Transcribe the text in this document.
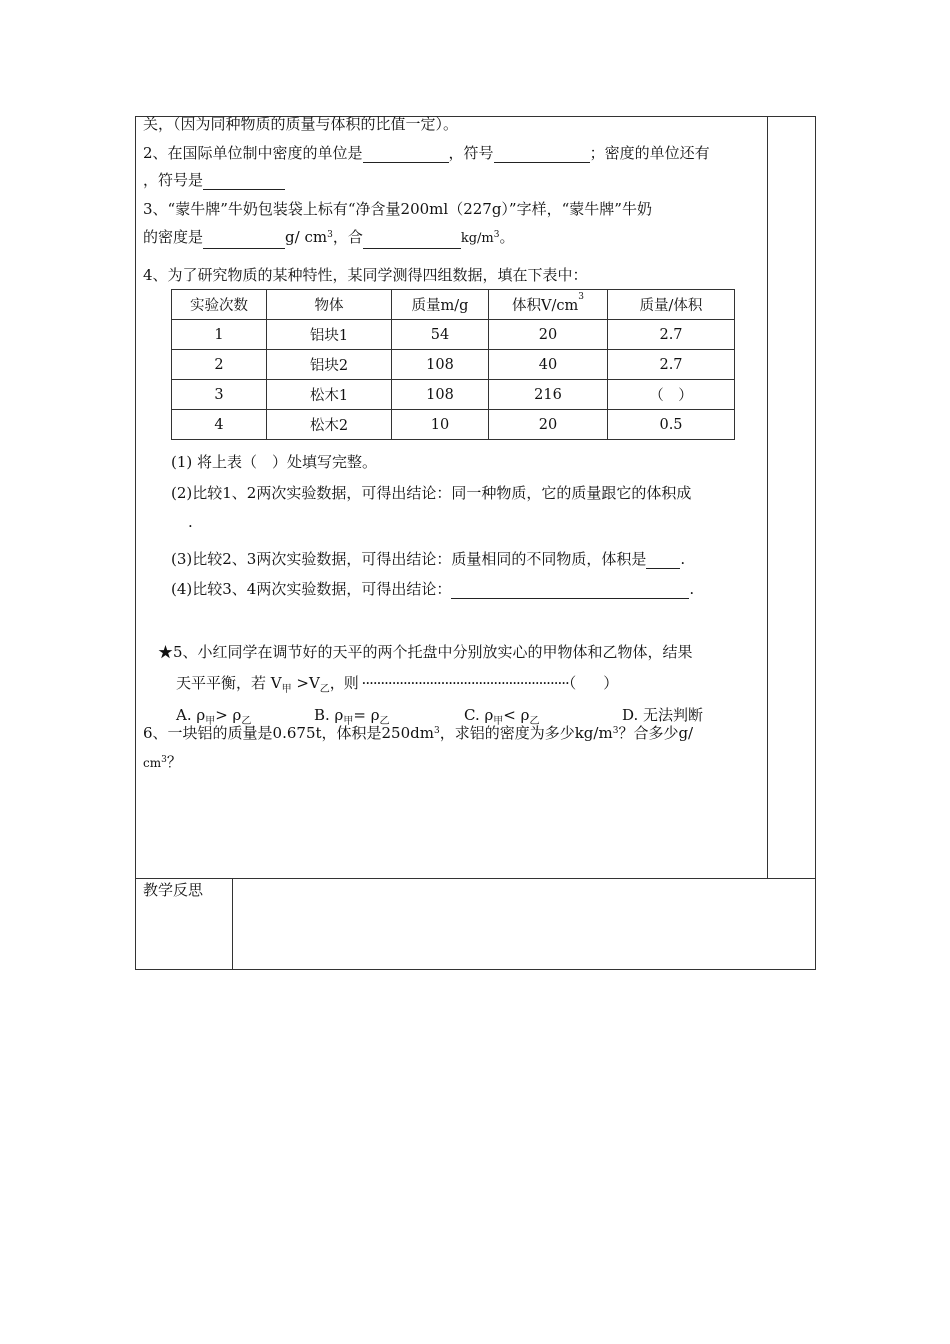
关，（因为同种物质的质量与体积的比值一定）。
2、在国际单位制中密度的单位是	，符号	；密度的单位还有
，符号是
3、“蒙牛牌”牛奶包装袋上标有“净含量200ml（227g）”字样，“蒙牛牌”牛奶
的密度是	g/ $cm^3$，合	$kg/m^3$。
4、为了研究物质的某种特性，某同学测得四组数据，填在下表中：
实验次数	物体	质量m/g	体积$V/cm^3$	质量/体积
1	铝块1	54	20	2.7
2	铝块2	108	40	2.7
3	松木1	108	216	（　）
4	松木2	10	20	0.5
(1) 将上表（　）处填写完整。
(2)比较1、2两次实验数据，可得出结论：同一种物质，它的质量跟它的体积成
.
(3)比较2、3两次实验数据，可得出结论：质量相同的不同物质，体积是 .
(4)比较3、4两次实验数据，可得出结论：	.
★5、小红同学在调节好的天平的两个托盘中分别放实心的甲物体和乙物体，结果
天平平衡，若 $V_甲 >V_乙$，则 ·······················································（　　）
A. $\rho_甲> \rho_乙$	B. $\rho_甲= \rho_乙$	C. $\rho_甲< \rho_乙$	D. 无法判断
6、一块铝的质量是0.675t，体积是$250dm^3$，求铝的密度为多少$kg/m^3$？合多少g/
$cm^3$？
教学反思
